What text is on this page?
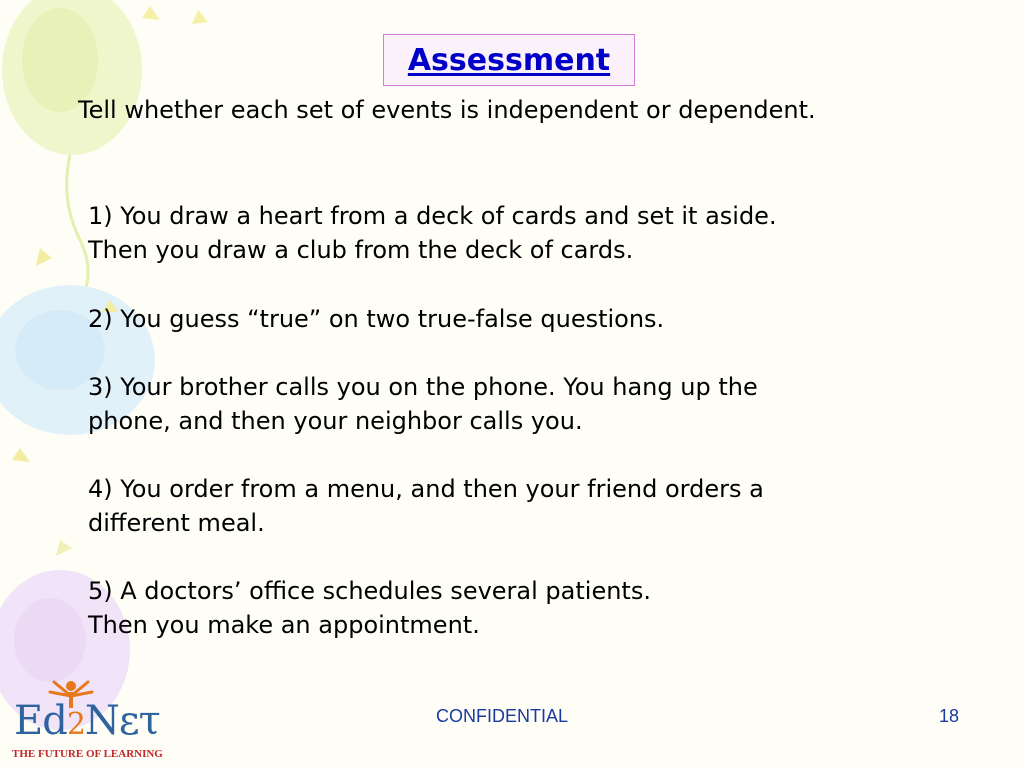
Assessment
Tell whether each set of events is independent or dependent.
1) You draw a heart from a deck of cards and set it aside.
Then you draw a club from the deck of cards.
2) You guess “true” on two true-false questions.
3) Your brother calls you on the phone. You hang up the
phone, and then your neighbor calls you.
4) You order from a menu, and then your friend orders a
different meal.
5) A doctors’ office schedules several patients.
Then you make an appointment.
CONFIDENTIAL	18
Ed2Nετ
THE FUTURE OF LEARNING
